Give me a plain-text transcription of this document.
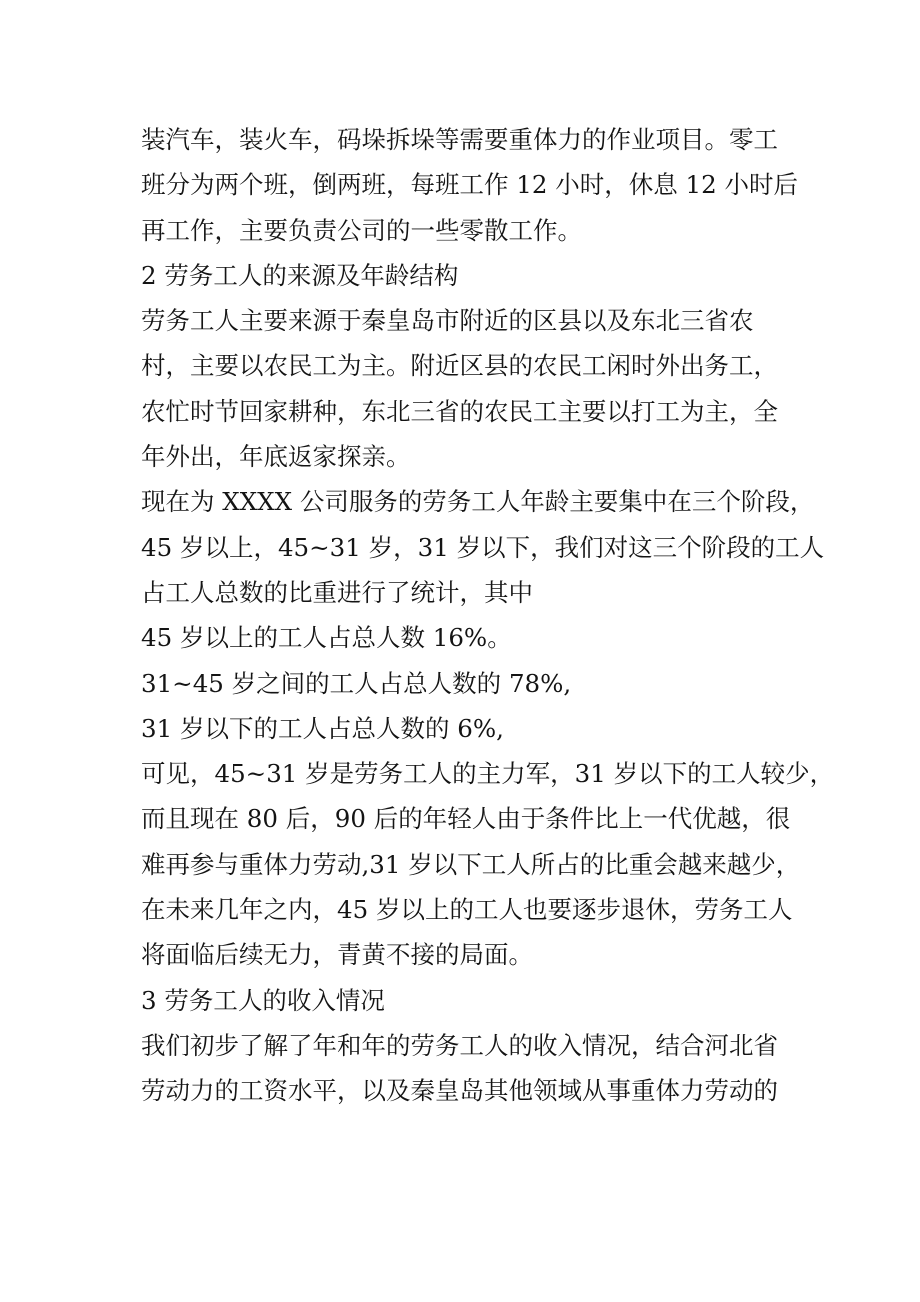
装汽车，装火车，码垛拆垛等需要重体力的作业项目。零工
班分为两个班，倒两班，每班工作 12 小时，休息 12 小时后
再工作，主要负责公司的一些零散工作。
2 劳务工人的来源及年龄结构
劳务工人主要来源于秦皇岛市附近的区县以及东北三省农
村，主要以农民工为主。附近区县的农民工闲时外出务工，
农忙时节回家耕种，东北三省的农民工主要以打工为主，全
年外出，年底返家探亲。
现在为 XXXX 公司服务的劳务工人年龄主要集中在三个阶段，
45 岁以上，45~31 岁，31 岁以下，我们对这三个阶段的工人
占工人总数的比重进行了统计，其中
45 岁以上的工人占总人数 16%。
31~45 岁之间的工人占总人数的 78%,
31 岁以下的工人占总人数的 6%,
可见，45~31 岁是劳务工人的主力军，31 岁以下的工人较少，
而且现在 80 后，90 后的年轻人由于条件比上一代优越，很
难再参与重体力劳动,31 岁以下工人所占的比重会越来越少，
在未来几年之内，45 岁以上的工人也要逐步退休，劳务工人
将面临后续无力，青黄不接的局面。
3 劳务工人的收入情况
我们初步了解了年和年的劳务工人的收入情况，结合河北省
劳动力的工资水平，以及秦皇岛其他领域从事重体力劳动的
